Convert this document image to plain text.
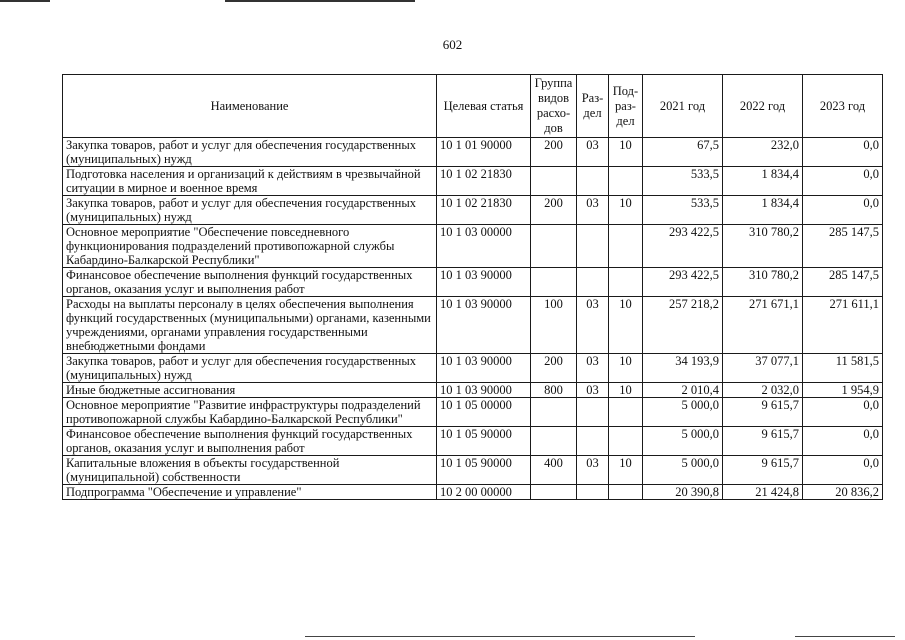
602
Наименование	Целевая статья	Группа видов расхо- дов	Раз- дел	Под- раз- дел	2021 год	2022 год	2023 год
Закупка товаров, работ и услуг для обеспечения государственных (муниципальных) нужд	10 1 01 90000	200	03	10	67,5	232,0	0,0
Подготовка населения и организаций к действиям в чрезвычайной ситуации в мирное и военное время	10 1 02 21830				533,5	1 834,4	0,0
Закупка товаров, работ и услуг для обеспечения государственных (муниципальных) нужд	10 1 02 21830	200	03	10	533,5	1 834,4	0,0
Основное мероприятие "Обеспечение повседневного функционирования подразделений противопожарной службы Кабардино-Балкарской Республики"	10 1 03 00000				293 422,5	310 780,2	285 147,5
Финансовое обеспечение выполнения функций государственных органов, оказания услуг и выполнения работ	10 1 03 90000				293 422,5	310 780,2	285 147,5
Расходы на выплаты персоналу в целях обеспечения выполнения функций государственных (муниципальными) органами, казенными учреждениями, органами управления государственными внебюджетными фондами	10 1 03 90000	100	03	10	257 218,2	271 671,1	271 611,1
Закупка товаров, работ и услуг для обеспечения государственных (муниципальных) нужд	10 1 03 90000	200	03	10	34 193,9	37 077,1	11 581,5
Иные бюджетные ассигнования	10 1 03 90000	800	03	10	2 010,4	2 032,0	1 954,9
Основное мероприятие "Развитие инфраструктуры подразделений противопожарной службы Кабардино-Балкарской Республики"	10 1 05 00000				5 000,0	9 615,7	0,0
Финансовое обеспечение выполнения функций государственных органов, оказания услуг и выполнения работ	10 1 05 90000				5 000,0	9 615,7	0,0
Капитальные вложения в объекты государственной (муниципальной) собственности	10 1 05 90000	400	03	10	5 000,0	9 615,7	0,0
Подпрограмма "Обеспечение и управление"	10 2 00 00000				20 390,8	21 424,8	20 836,2
